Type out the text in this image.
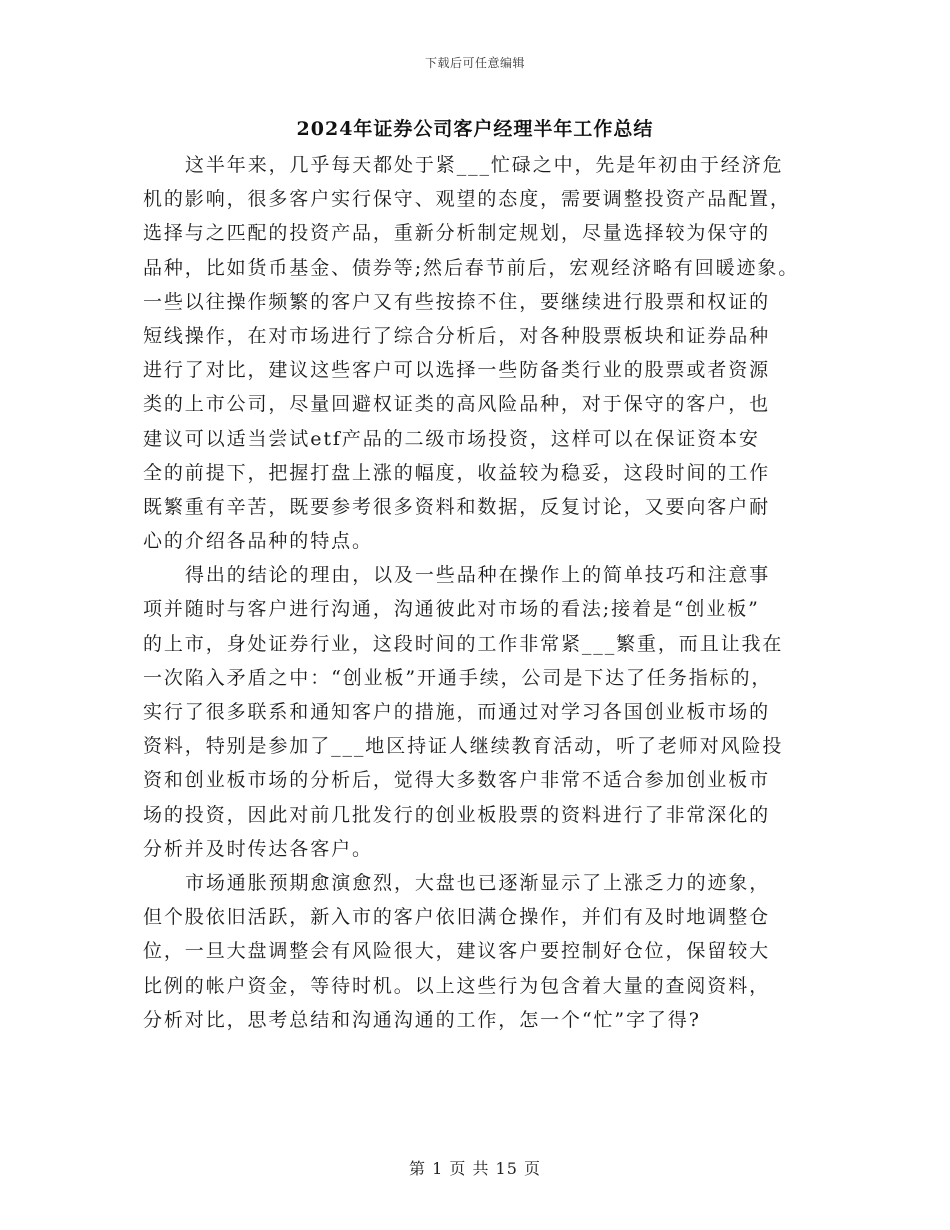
下载后可任意编辑
2024年证券公司客户经理半年工作总结

这半年来，几乎每天都处于紧___忙碌之中，先是年初由于经济危
机的影响，很多客户实行保守、观望的态度，需要调整投资产品配置，
选择与之匹配的投资产品，重新分析制定规划，尽量选择较为保守的
品种，比如货币基金、债券等;然后春节前后，宏观经济略有回暖迹象。
一些以往操作频繁的客户又有些按捺不住，要继续进行股票和权证的
短线操作，在对市场进行了综合分析后，对各种股票板块和证券品种
进行了对比，建议这些客户可以选择一些防备类行业的股票或者资源
类的上市公司，尽量回避权证类的高风险品种，对于保守的客户，也
建议可以适当尝试etf产品的二级市场投资，这样可以在保证资本安
全的前提下，把握打盘上涨的幅度，收益较为稳妥，这段时间的工作
既繁重有辛苦，既要参考很多资料和数据，反复讨论，又要向客户耐
心的介绍各品种的特点。

得出的结论的理由，以及一些品种在操作上的简单技巧和注意事
项并随时与客户进行沟通，沟通彼此对市场的看法;接着是“创业板”
的上市，身处证券行业，这段时间的工作非常紧___繁重，而且让我在
一次陷入矛盾之中：“创业板”开通手续，公司是下达了任务指标的，
实行了很多联系和通知客户的措施，而通过对学习各国创业板市场的
资料，特别是参加了___地区持证人继续教育活动，听了老师对风险投
资和创业板市场的分析后，觉得大多数客户非常不适合参加创业板市
场的投资，因此对前几批发行的创业板股票的资料进行了非常深化的
分析并及时传达各客户。

市场通胀预期愈演愈烈，大盘也已逐渐显示了上涨乏力的迹象，
但个股依旧活跃，新入市的客户依旧满仓操作，并们有及时地调整仓
位，一旦大盘调整会有风险很大，建议客户要控制好仓位，保留较大
比例的帐户资金，等待时机。以上这些行为包含着大量的查阅资料，
分析对比，思考总结和沟通沟通的工作，怎一个“忙”字了得?

第 1 页 共 15 页
